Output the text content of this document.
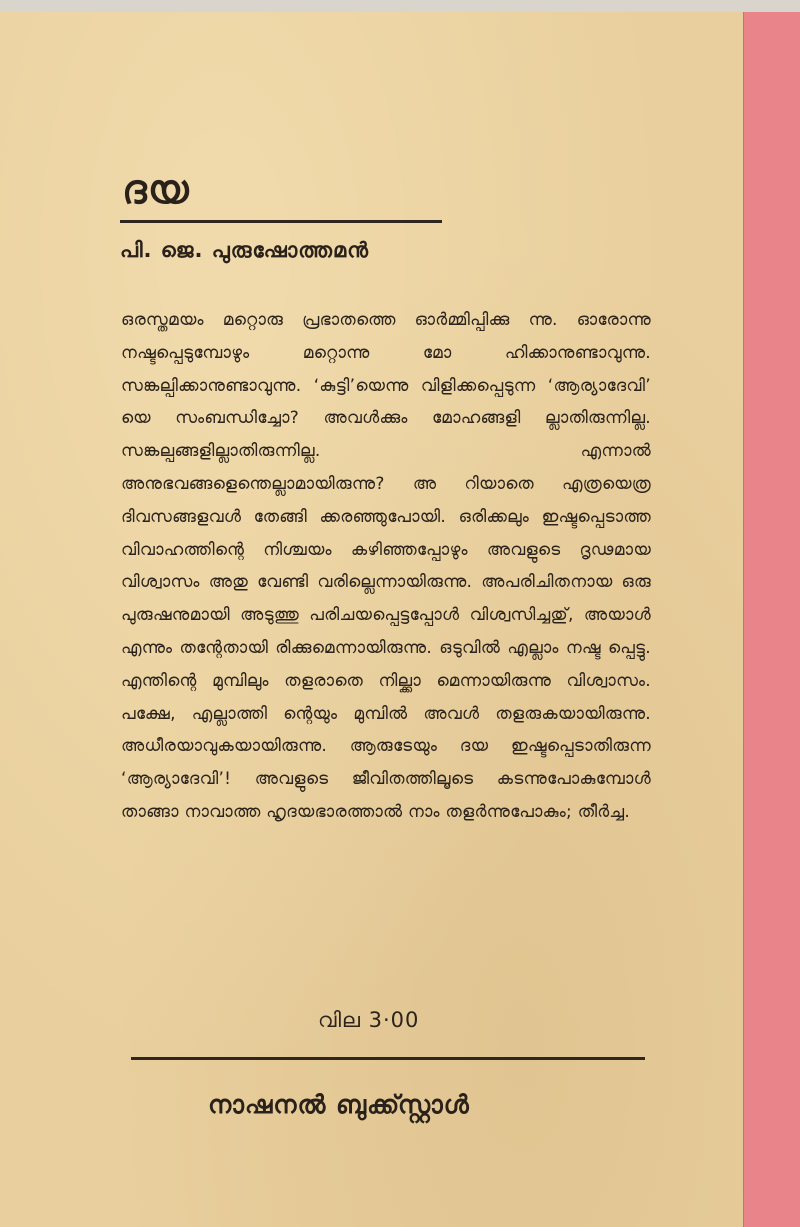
ദയ
പി. ജെ. പുരുഷോത്തമൻ

ഒരസ്തമയം മറ്റൊരു പ്രഭാതത്തെ ഓർമ്മിപ്പിക്കു ന്നു. ഓരോന്നു നഷ്ടപ്പെടുമ്പോഴും മറ്റൊന്നു മോ ഹിക്കാനുണ്ടാവുന്നു. സങ്കല്പിക്കാനുണ്ടാവുന്നു. ‘കുട്ടി’യെന്നു വിളിക്കപ്പെടുന്ന ‘ആര്യാദേവി’ യെ സംബന്ധിച്ചോ? അവൾക്കും മോഹങ്ങളി ല്ലാതിരുന്നില്ല. സങ്കല്പങ്ങളില്ലാതിരുന്നില്ല. എന്നാൽ അനുഭവങ്ങളെന്തെല്ലാമായിരുന്നു? അ റിയാതെ എത്രയെത്ര ദിവസങ്ങളവൾ തേങ്ങി ക്കരഞ്ഞുപോയി. ഒരിക്കലും ഇഷ്ടപ്പെടാത്ത വിവാഹത്തിന്റെ നിശ്ചയം കഴിഞ്ഞപ്പോഴും അവളുടെ ദൃഢമായ വിശ്വാസം അതു വേണ്ടി വരില്ലെന്നായിരുന്നു. അപരിചിതനായ ഒരു പുരുഷനുമായി അടുത്തു പരിചയപ്പെട്ടപ്പോൾ വിശ്വസിച്ചതു്, അയാൾ എന്നും തന്റേതായി രിക്കുമെന്നായിരുന്നു. ഒടുവിൽ എല്ലാം നഷ്ട പ്പെട്ടു. എന്തിന്റെ മുമ്പിലും തളരാതെ നില്ക്കാ മെന്നായിരുന്നു വിശ്വാസം. പക്ഷേ, എല്ലാത്തി ന്റെയും മുമ്പിൽ അവൾ തളരുകയായിരുന്നു. അധീരയാവുകയായിരുന്നു. ആരുടേയും ദയ ഇഷ്ടപ്പെടാതിരുന്ന ‘ആര്യാദേവി’! അവളുടെ ജീവിതത്തിലൂടെ കടന്നുപോകുമ്പോൾ താങ്ങാ നാവാത്ത ഹൃദയഭാരത്താൽ നാം തളർന്നുപോകും; തീർച്ച.

വില 3·00
നാഷനൽ ബുക്ക്സ്റ്റാൾ
